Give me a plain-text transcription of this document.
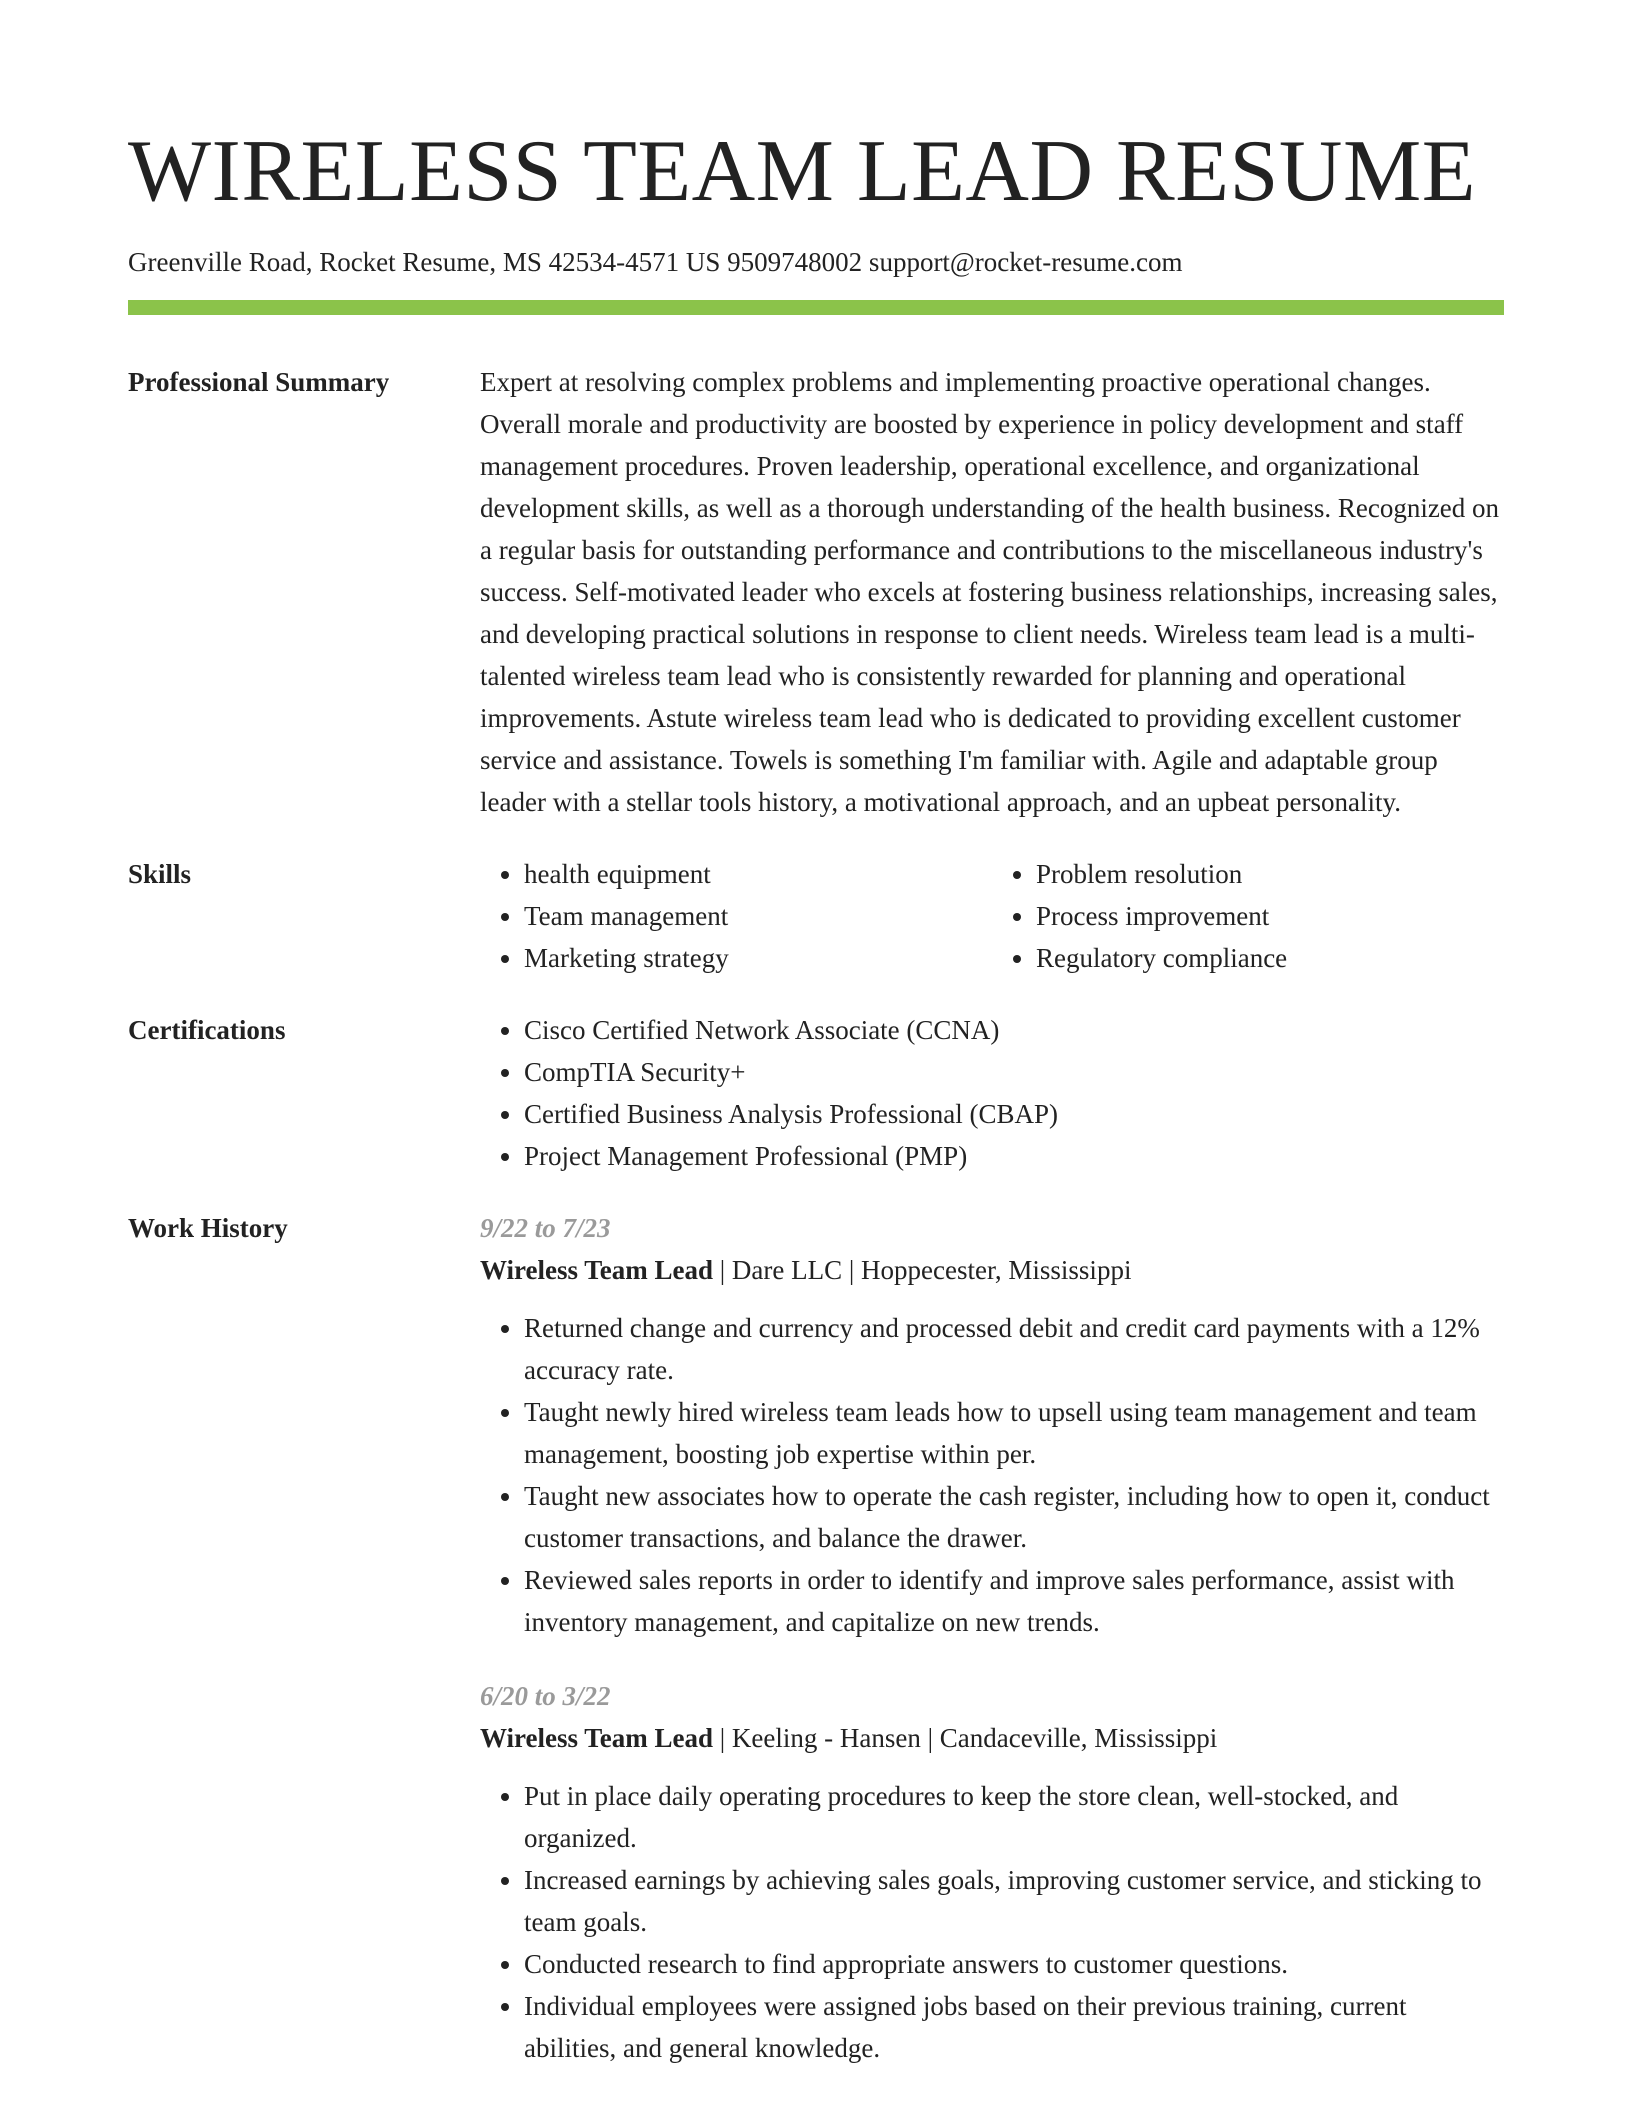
WIRELESS TEAM LEAD RESUME
Greenville Road, Rocket Resume, MS 42534-4571 US 9509748002 support@rocket-resume.com
Professional Summary	Expert at resolving complex problems and implementing proactive operational changes. Overall morale and productivity are boosted by experience in policy development and staff management procedures. Proven leadership, operational excellence, and organizational development skills, as well as a thorough understanding of the health business. Recognized on a regular basis for outstanding performance and contributions to the miscellaneous industry's success. Self-motivated leader who excels at fostering business relationships, increasing sales, and developing practical solutions in response to client needs. Wireless team lead is a multi-talented wireless team lead who is consistently rewarded for planning and operational improvements. Astute wireless team lead who is dedicated to providing excellent customer service and assistance. Towels is something I'm familiar with. Agile and adaptable group leader with a stellar tools history, a motivational approach, and an upbeat personality.

Skills	• health equipment
• Team management
• Marketing strategy
• Problem resolution
• Process improvement
• Regulatory compliance
Certifications	• Cisco Certified Network Associate (CCNA)
• CompTIA Security+
• Certified Business Analysis Professional (CBAP)
• Project Management Professional (PMP)
Work History	9/22 to 7/23
Wireless Team Lead | Dare LLC | Hoppecester, Mississippi
• Returned change and currency and processed debit and credit card payments with a 12% accuracy rate.
• Taught newly hired wireless team leads how to upsell using team management and team management, boosting job expertise within per.
• Taught new associates how to operate the cash register, including how to open it, conduct customer transactions, and balance the drawer.
• Reviewed sales reports in order to identify and improve sales performance, assist with inventory management, and capitalize on new trends.
6/20 to 3/22
Wireless Team Lead | Keeling - Hansen | Candaceville, Mississippi
• Put in place daily operating procedures to keep the store clean, well-stocked, and organized.
• Increased earnings by achieving sales goals, improving customer service, and sticking to team goals.
• Conducted research to find appropriate answers to customer questions.
• Individual employees were assigned jobs based on their previous training, current abilities, and general knowledge.
